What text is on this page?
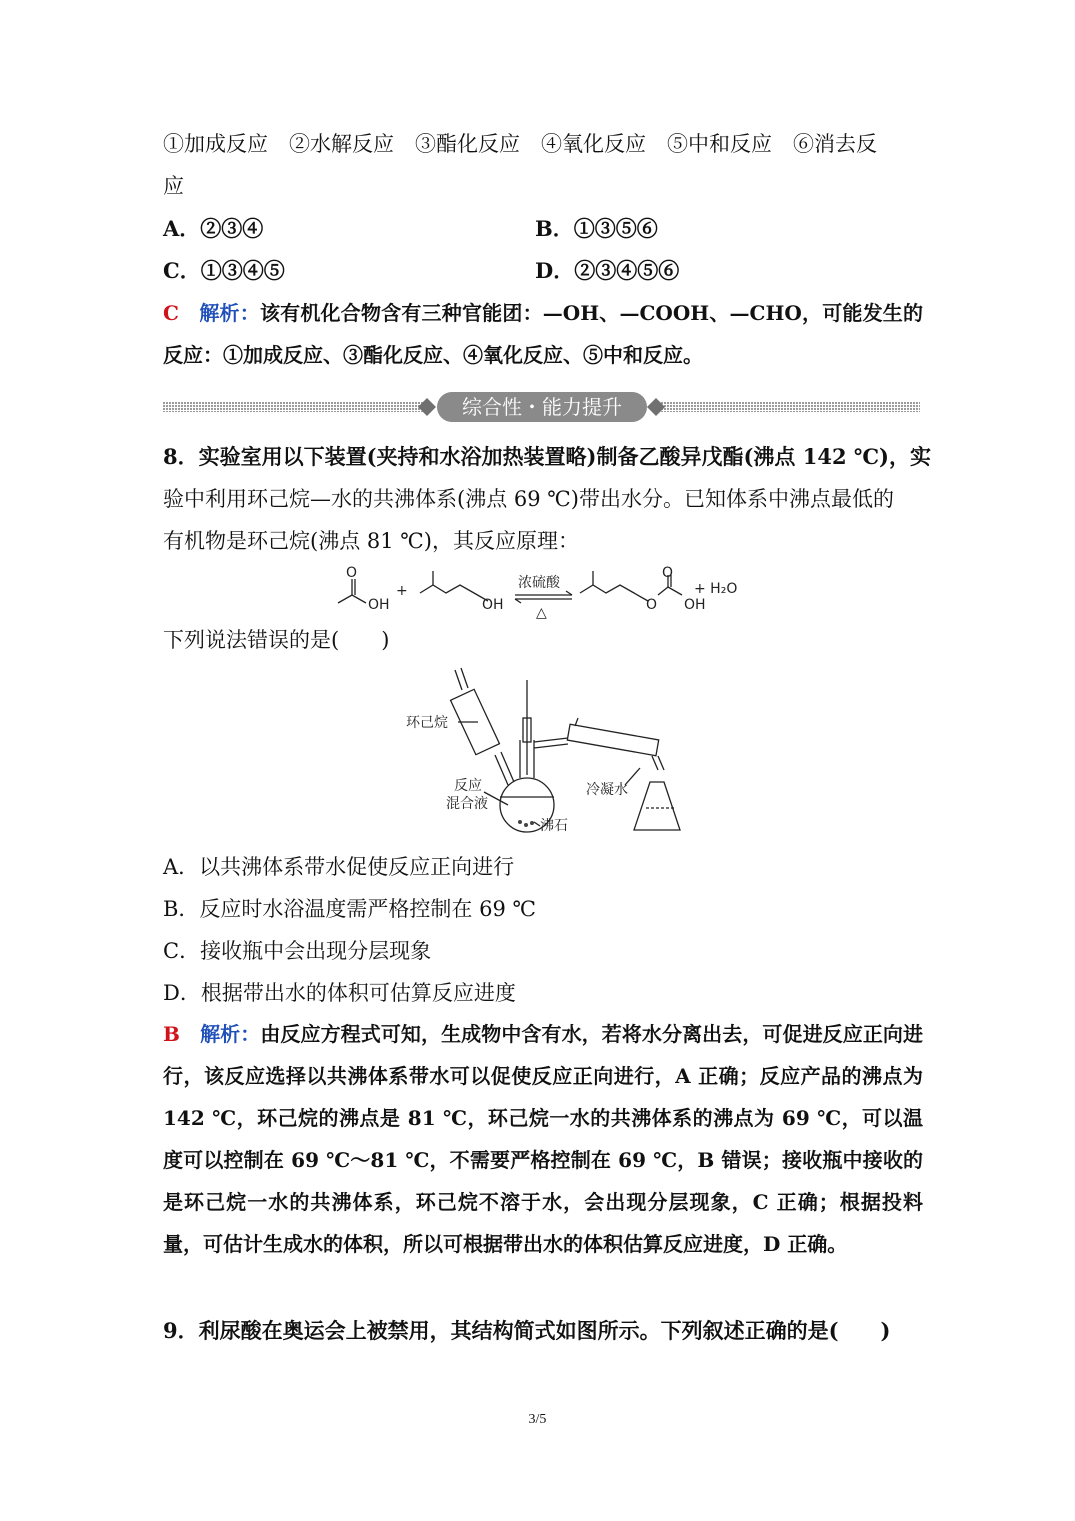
①加成反应　②水解反应　③酯化反应　④氧化反应　⑤中和反应　⑥消去反
应
A．②③④	B．①③⑤⑥
C．①③④⑤	D．②③④⑤⑥
C　 解析：该有机化合物含有三种官能团：—OH、—COOH、—CHO，可能发生的反应：①加成反应、③酯化反应、④氧化反应、⑤中和反应。
综合性・能力提升
8．实验室用以下装置(夹持和水浴加热装置略)制备乙酸异戊酯(沸点 142 ℃)，实
验中利用环己烷—水的共沸体系(沸点 69 ℃)带出水分。已知体系中沸点最低的
有机物是环己烷(沸点 81 ℃)，其反应原理：
O
OH
+
OH
浓硫酸
△	O
O
OH
+ H₂O
下列说法错误的是(　　)
环己烷
反应
混合液
沸石
冷凝水
A．以共沸体系带水促使反应正向进行
B．反应时水浴温度需严格控制在 69 ℃
C．接收瓶中会出现分层现象
D．根据带出水的体积可估算反应进度
B　 解析：由反应方程式可知，生成物中含有水，若将水分离出去，可促进反应正向进行，该反应选择以共沸体系带水可以促使反应正向进行，A 正确；反应产品的沸点为 142 ℃，环己烷的沸点是 81 ℃，环己烷一水的共沸体系的沸点为 69 ℃，可以温度可以控制在 69 ℃～81 ℃，不需要严格控制在 69 ℃，B 错误；接收瓶中接收的是环己烷一水的共沸体系，环己烷不溶于水，会出现分层现象，C 正确；根据投料量，可估计生成水的体积，所以可根据带出水的体积估算反应进度，D 正确。
9．利尿酸在奥运会上被禁用，其结构简式如图所示。下列叙述正确的是(　　)
3/5
